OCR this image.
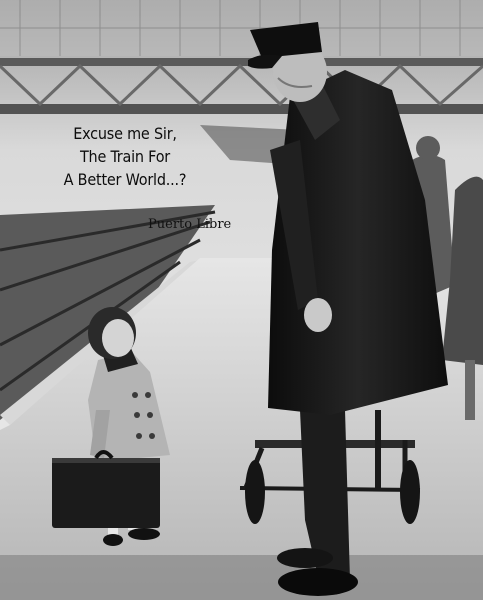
Excuse me Sir,
The Train For
A Better World...?
Puerto Libre
